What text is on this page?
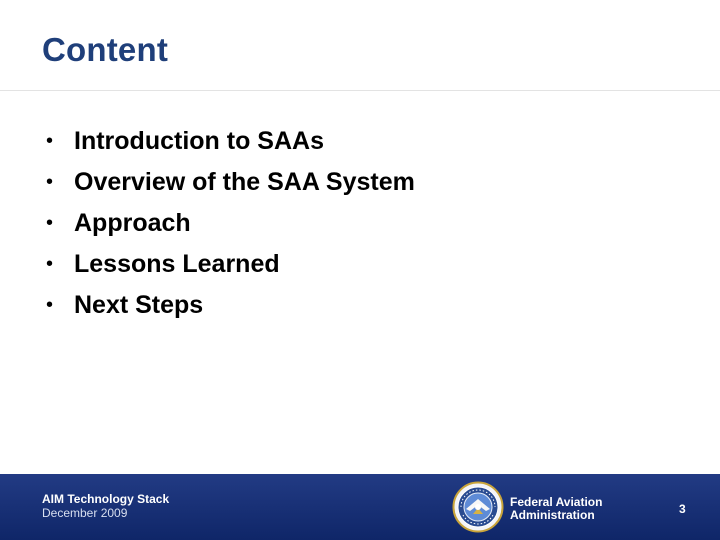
Content
• Introduction to SAAs
• Overview of the SAA System
• Approach
• Lessons Learned
• Next Steps
AIM Technology Stack
December 2009
Federal Aviation
Administration	3
